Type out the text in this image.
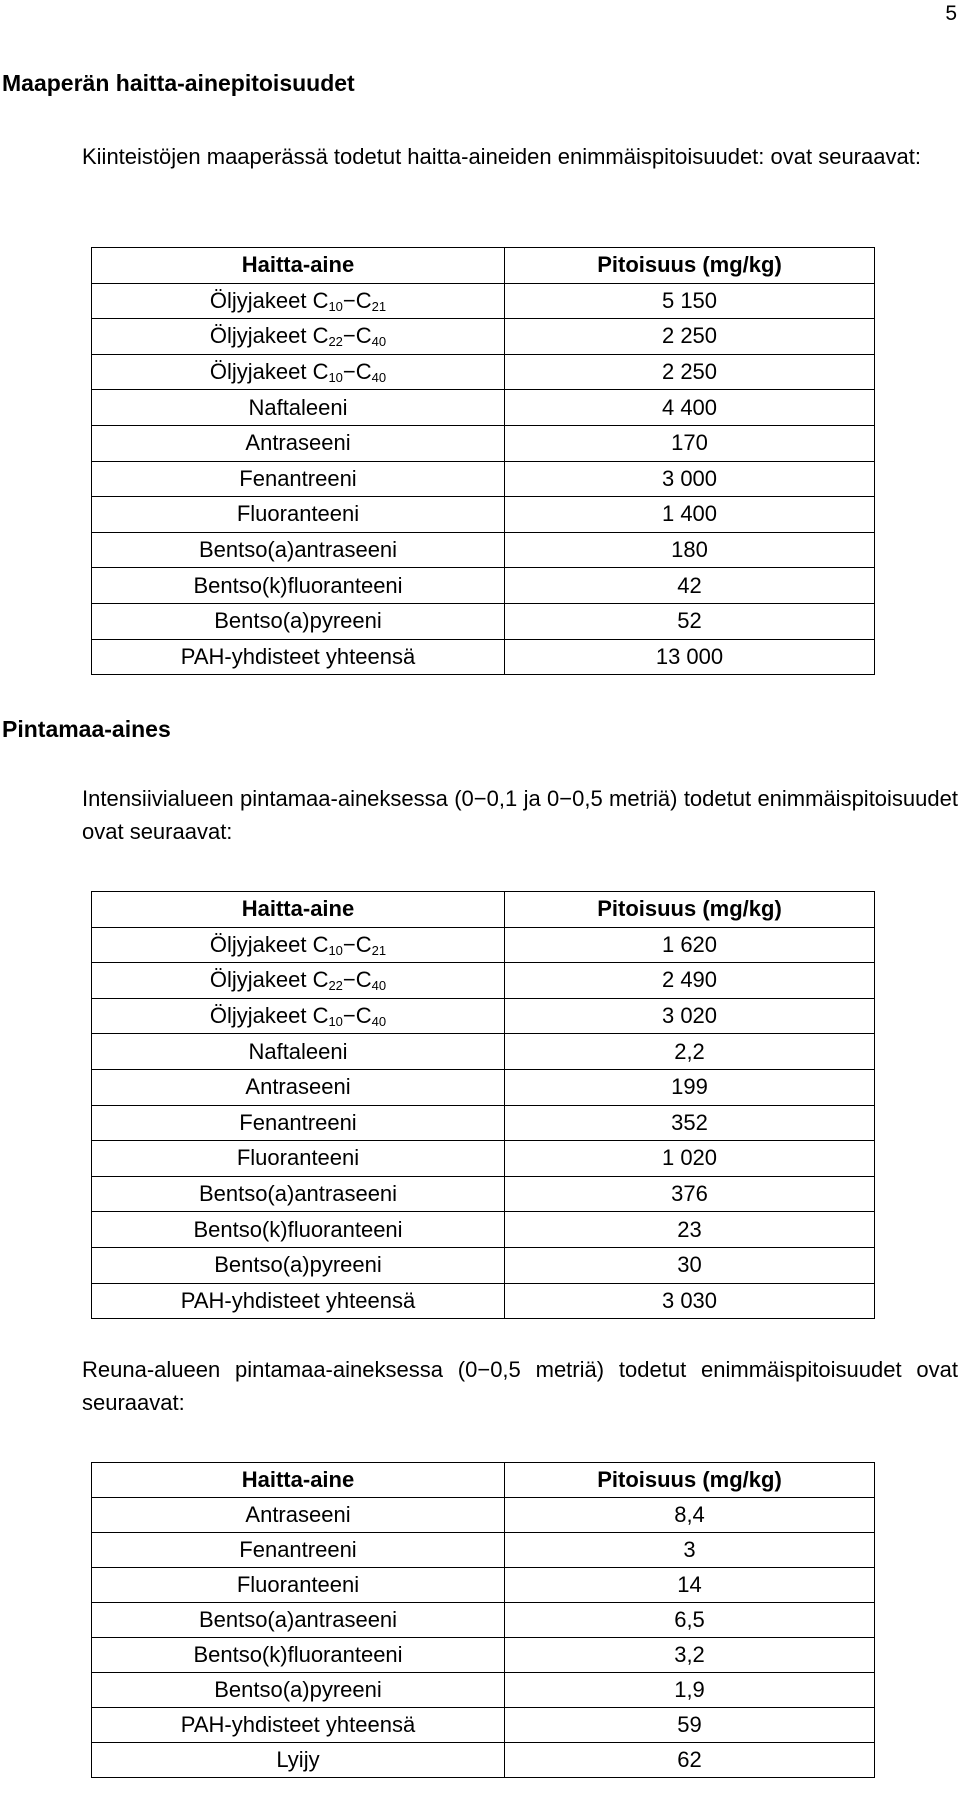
5
Maaperän haitta-ainepitoisuudet

Kiinteistöjen maaperässä todetut haitta-aineiden enimmäispitoisuudet: ovat seuraavat:

Haitta-aine	Pitoisuus (mg/kg)
Öljyjakeet $C_{10}-C_{21}$	5 150
Öljyjakeet $C_{22}-C_{40}$	2 250
Öljyjakeet $C_{10}-C_{40}$	2 250
Naftaleeni	4 400
Antraseeni	170
Fenantreeni	3 000
Fluoranteeni	1 400
Bentso(a)antraseeni	180
Bentso(k)fluoranteeni	42
Bentso(a)pyreeni	52
PAH-yhdisteet yhteensä	13 000
Pintamaa-aines

Intensiivialueen pintamaa-aineksessa (0−0,1 ja 0−0,5 metriä) todetut enimmäispitoisuudet ovat seuraavat:

Haitta-aine	Pitoisuus (mg/kg)
Öljyjakeet $C_{10}-C_{21}$	1 620
Öljyjakeet $C_{22}-C_{40}$	2 490
Öljyjakeet $C_{10}-C_{40}$	3 020
Naftaleeni	2,2
Antraseeni	199
Fenantreeni	352
Fluoranteeni	1 020
Bentso(a)antraseeni	376
Bentso(k)fluoranteeni	23
Bentso(a)pyreeni	30
PAH-yhdisteet yhteensä	3 030

Reuna-alueen pintamaa-aineksessa (0−0,5 metriä) todetut enimmäispitoisuudet ovat seuraavat:

Haitta-aine	Pitoisuus (mg/kg)
Antraseeni	8,4
Fenantreeni	3
Fluoranteeni	14
Bentso(a)antraseeni	6,5
Bentso(k)fluoranteeni	3,2
Bentso(a)pyreeni	1,9
PAH-yhdisteet yhteensä	59
Lyijy	62
